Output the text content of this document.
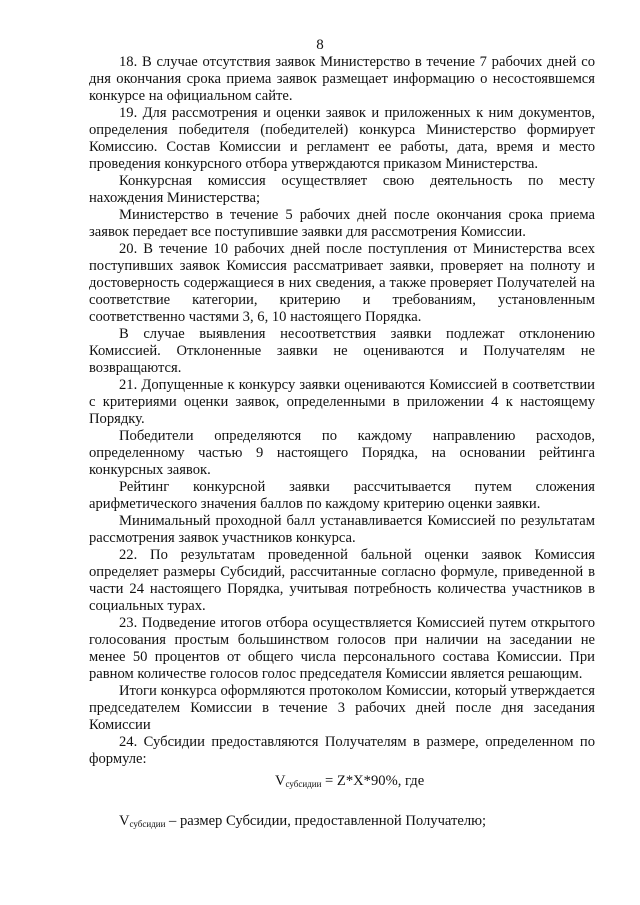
8

18. В случае отсутствия заявок Министерство в течение 7 рабочих дней со дня окончания срока приема заявок размещает информацию о несостоявшемся конкурсе на официальном сайте.

19. Для рассмотрения и оценки заявок и приложенных к ним документов, определения победителя (победителей) конкурса Министерство формирует Комиссию. Состав Комиссии и регламент ее работы, дата, время и место проведения конкурсного отбора утверждаются приказом Министерства.

Конкурсная комиссия осуществляет свою деятельность по месту нахождения Министерства;

Министерство в течение 5 рабочих дней после окончания срока приема заявок передает все поступившие заявки для рассмотрения Комиссии.

20. В течение 10 рабочих дней после поступления от Министерства всех поступивших заявок Комиссия рассматривает заявки, проверяет на полноту и достоверность содержащиеся в них сведения, а также проверяет Получателей на соответствие категории, критерию и требованиям, установленным соответственно частями 3, 6, 10 настоящего Порядка.

В случае выявления несоответствия заявки подлежат отклонению Комиссией. Отклоненные заявки не оцениваются и Получателям не возвращаются.

21. Допущенные к конкурсу заявки оцениваются Комиссией в соответствии с критериями оценки заявок, определенными в приложении 4 к настоящему Порядку.

Победители определяются по каждому направлению расходов, определенному частью 9 настоящего Порядка, на основании рейтинга конкурсных заявок.

Рейтинг конкурсной заявки рассчитывается путем сложения арифметического значения баллов по каждому критерию оценки заявки.

Минимальный проходной балл устанавливается Комиссией по результатам рассмотрения заявок участников конкурса.

22. По результатам проведенной бальной оценки заявок Комиссия определяет размеры Субсидий, рассчитанные согласно формуле, приведенной в части 24 настоящего Порядка, учитывая потребность количества участников в социальных турах.

23. Подведение итогов отбора осуществляется Комиссией путем открытого голосования простым большинством голосов при наличии на заседании не менее 50 процентов от общего числа персонального состава Комиссии. При равном количестве голосов голос председателя Комиссии является решающим.

Итоги конкурса оформляются протоколом Комиссии, который утверждается председателем Комиссии в течение 3 рабочих дней после дня заседания Комиссии

24. Субсидии предоставляются Получателям в размере, определенном по формуле:

$V_{субсидии} = Z*X*90\%$, где

$V_{субсидии}$ – размер Субсидии, предоставленной Получателю;
